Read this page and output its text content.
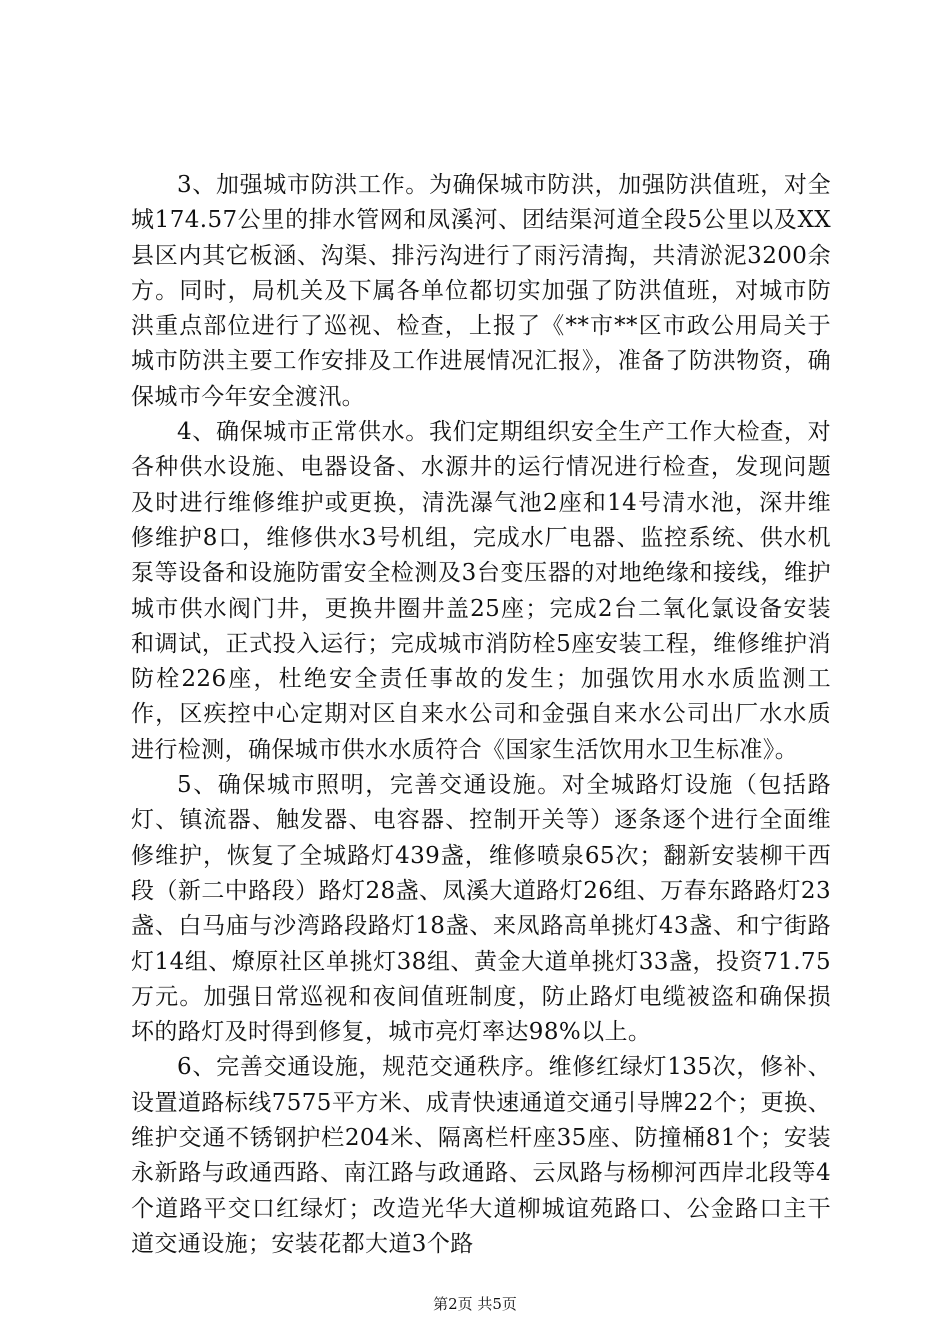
3、加强城市防洪工作。为确保城市防洪，加强防洪值班，对全城174.57公里的排水管网和凤溪河、团结渠河道全段5公里以及XX县区内其它板涵、沟渠、排污沟进行了雨污清掏，共清淤泥3200余方。同时，局机关及下属各单位都切实加强了防洪值班，对城市防洪重点部位进行了巡视、检查，上报了《**市**区市政公用局关于城市防洪主要工作安排及工作进展情况汇报》，准备了防洪物资，确保城市今年安全渡汛。

4、确保城市正常供水。我们定期组织安全生产工作大检查，对各种供水设施、电器设备、水源井的运行情况进行检查，发现问题及时进行维修维护或更换，清洗瀑气池2座和14号清水池，深井维修维护8口，维修供水3号机组，完成水厂电器、监控系统、供水机泵等设备和设施防雷安全检测及3台变压器的对地绝缘和接线，维护城市供水阀门井，更换井圈井盖25座；完成2台二氧化氯设备安装和调试，正式投入运行；完成城市消防栓5座安装工程，维修维护消防栓226座，杜绝安全责任事故的发生；加强饮用水水质监测工作，区疾控中心定期对区自来水公司和金强自来水公司出厂水水质进行检测，确保城市供水水质符合《国家生活饮用水卫生标准》。

5、确保城市照明，完善交通设施。对全城路灯设施（包括路灯、镇流器、触发器、电容器、控制开关等）逐条逐个进行全面维修维护，恢复了全城路灯439盏，维修喷泉65次；翻新安装柳干西段（新二中路段）路灯28盏、凤溪大道路灯26组、万春东路路灯23盏、白马庙与沙湾路段路灯18盏、来凤路高单挑灯43盏、和宁街路灯14组、燎原社区单挑灯38组、黄金大道单挑灯33盏，投资71.75万元。加强日常巡视和夜间值班制度，防止路灯电缆被盗和确保损坏的路灯及时得到修复，城市亮灯率达98%以上。

6、完善交通设施，规范交通秩序。维修红绿灯135次，修补、设置道路标线7575平方米、成青快速通道交通引导牌22个；更换、维护交通不锈钢护栏204米、隔离栏杆座35座、防撞桶81个；安装永新路与政通西路、南江路与政通路、云凤路与杨柳河西岸北段等4个道路平交口红绿灯；改造光华大道柳城谊苑路口、公金路口主干道交通设施；安装花都大道3个路

第2页 共5页
